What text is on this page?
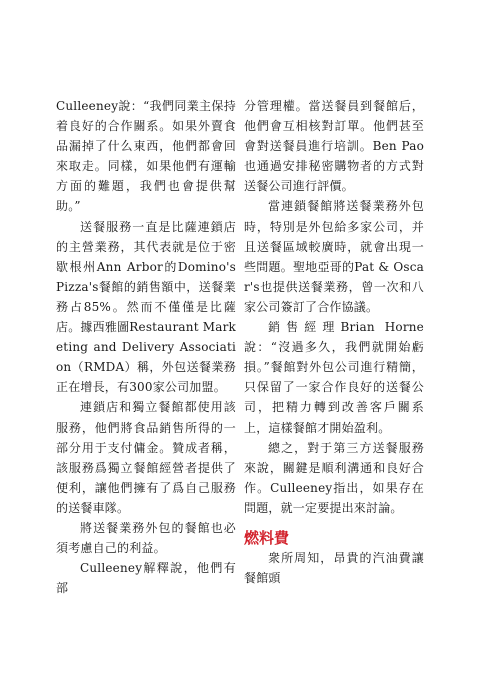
Culleeney說：“我們同業主保持着良好的合作關系。如果外賣食品漏掉了什么東西，他們都會回來取走。同樣，如果他們有運輸方面的難題，我們也會提供幫助。”

送餐服務一直是比薩連鎖店的主營業務，其代表就是位于密歇根州Ann Arbor的Domino's Pizza's餐館的銷售額中，送餐業務占85%。然而不僅僅是比薩店。據西雅圖Restaurant Marketing and Delivery Association（RMDA）稱，外包送餐業務正在增長，有300家公司加盟。

連鎖店和獨立餐館都使用該服務，他們將食品銷售所得的一部分用于支付傭金。贊成者稱，該服務爲獨立餐館經營者提供了便利，讓他們擁有了爲自己服務的送餐車隊。

將送餐業務外包的餐館也必須考慮自己的利益。

Culleeney解釋說，他們有部

分管理權。當送餐員到餐館后，他們會互相核對訂單。他們甚至會對送餐員進行培訓。Ben Pao也通過安排秘密購物者的方式對送餐公司進行評價。

當連鎖餐館將送餐業務外包時，特別是外包給多家公司，并且送餐區域較廣時，就會出現一些問題。聖地亞哥的Pat & Oscar's也提供送餐業務，曾一次和八家公司簽訂了合作協議。

銷售經理Brian Horne說：“沒過多久，我們就開始虧損。”餐館對外包公司進行精簡，只保留了一家合作良好的送餐公司，把精力轉到改善客戶關系上，這樣餐館才開始盈利。

總之，對于第三方送餐服務來說，關鍵是順利溝通和良好合作。Culleeney指出，如果存在問題，就一定要提出來討論。

燃料費

衆所周知，昂貴的汽油費讓餐館頭
